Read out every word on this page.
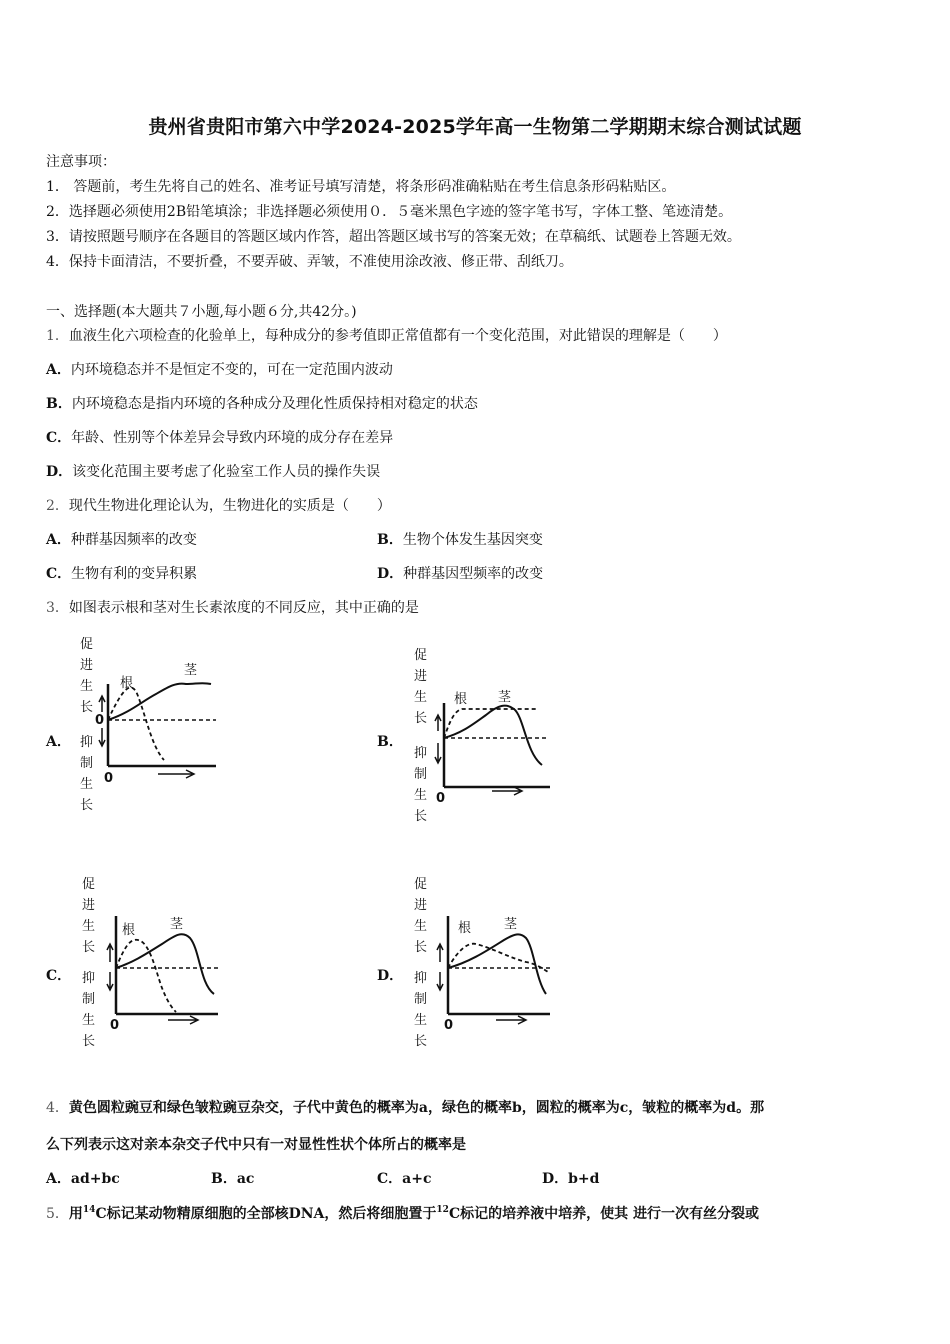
贵州省贵阳市第六中学2024-2025学年高一生物第二学期期末综合测试试题
注意事项：
1． 答题前，考生先将自己的姓名、准考证号填写清楚，将条形码准确粘贴在考生信息条形码粘贴区。
2．选择题必须使用2B铅笔填涂；非选择题必须使用０．５毫米黑色字迹的签字笔书写，字体工整、笔迹清楚。
3．请按照题号顺序在各题目的答题区域内作答，超出答题区域书写的答案无效；在草稿纸、试题卷上答题无效。
4．保持卡面清洁，不要折叠，不要弄破、弄皱，不准使用涂改液、修正带、刮纸刀。
一、选择题(本大题共７小题,每小题６分,共42分。)
1．血液生化六项检查的化验单上，每种成分的参考值即正常值都有一个变化范围，对此错误的理解是（　　）
A．内环境稳态并不是恒定不变的，可在一定范围内波动
B．内环境稳态是指内环境的各种成分及理化性质保持相对稳定的状态
C．年龄、性别等个体差异会导致内环境的成分存在差异
D．该变化范围主要考虑了化验室工作人员的操作失误
2．现代生物进化理论认为，生物进化的实质是（　　）
A．种群基因频率的改变	B．生物个体发生基因突变
C．生物有利的变异积累	D．种群基因型频率的改变
3．如图表示根和茎对生长素浓度的不同反应，其中正确的是
A．	B．
C．	D．
促
进
生
长
抑
制
生
长
根
茎
0
0
促
进
生
长
抑
制
生
长
根 茎
0
促
进
生
长
抑
制
生
长
根	茎
0
促
进
生
长
抑
制
生
长
根	茎
0
4．黄色圆粒豌豆和绿色皱粒豌豆杂交，子代中黄色的概率为a，绿色的概率b，圆粒的概率为c，皱粒的概率为d。那
么下列表示这对亲本杂交子代中只有一对显性性状个体所占的概率是
A．ad+bc	B．ac	C．a+c	D．b+d
5．用$^{14}$C标记某动物精原细胞的全部核DNA，然后将细胞置于$^{12}$C标记的培养液中培养，使其 进行一次有丝分裂或
